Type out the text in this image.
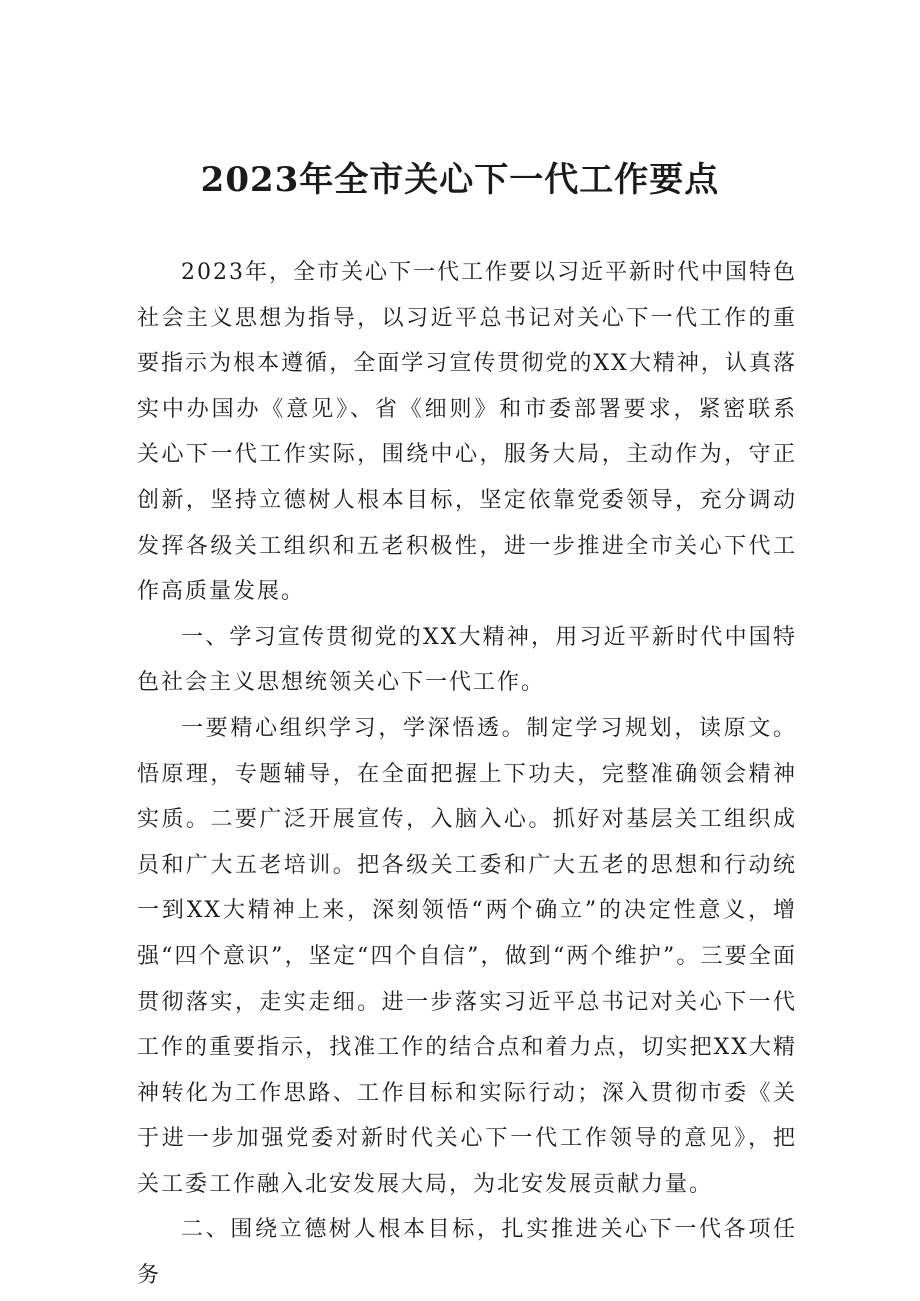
2023年全市关心下一代工作要点

2023年，全市关心下一代工作要以习近平新时代中国特色社会主义思想为指导，以习近平总书记对关心下一代工作的重要指示为根本遵循，全面学习宣传贯彻党的XX大精神，认真落实中办国办《意见》、省《细则》和市委部署要求，紧密联系关心下一代工作实际，围绕中心，服务大局，主动作为，守正创新，坚持立德树人根本目标，坚定依靠党委领导，充分调动发挥各级关工组织和五老积极性，进一步推进全市关心下代工作高质量发展。

一、学习宣传贯彻党的XX大精神，用习近平新时代中国特色社会主义思想统领关心下一代工作。

一要精心组织学习，学深悟透。制定学习规划，读原文。悟原理，专题辅导，在全面把握上下功夫，完整准确领会精神实质。二要广泛开展宣传，入脑入心。抓好对基层关工组织成员和广大五老培训。把各级关工委和广大五老的思想和行动统一到XX大精神上来，深刻领悟“两个确立”的决定性意义，增强“四个意识”，坚定“四个自信”，做到“两个维护”。三要全面贯彻落实，走实走细。进一步落实习近平总书记对关心下一代工作的重要指示，找准工作的结合点和着力点，切实把XX大精神转化为工作思路、工作目标和实际行动；深入贯彻市委《关于进一步加强党委对新时代关心下一代工作领导的意见》，把关工委工作融入北安发展大局，为北安发展贡献力量。

二、围绕立德树人根本目标，扎实推进关心下一代各项任务
